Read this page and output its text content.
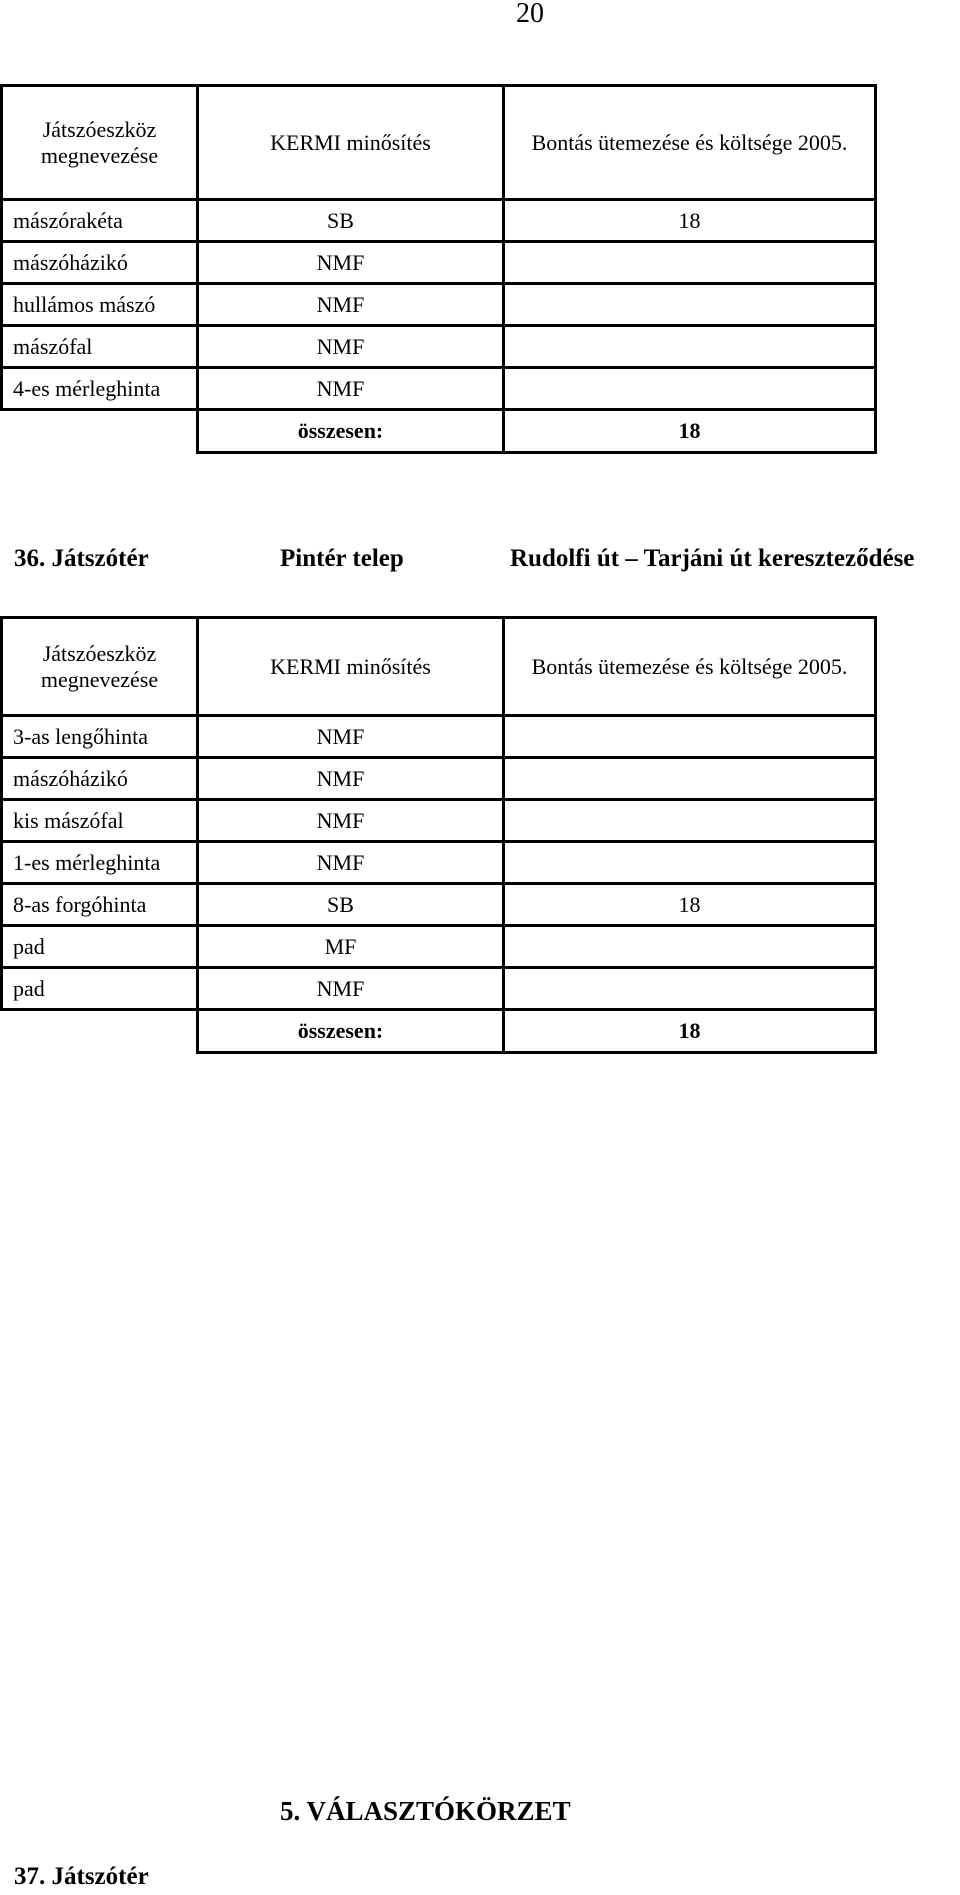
20
Játszóeszköz megnevezése	KERMI minősítés	Bontás ütemezése és költsége 2005.
mászórakéta	SB	18
mászóházikó	NMF	
hullámos mászó	NMF	
mászófal	NMF	
4-es mérleghinta	NMF	
	összesen:	18
36. Játszótér	Pintér telep	Rudolfi út – Tarjáni út kereszteződése
Játszóeszköz megnevezése	KERMI minősítés	Bontás ütemezése és költsége 2005.
3-as lengőhinta	NMF	
mászóházikó	NMF	
kis mászófal	NMF	
1-es mérleghinta	NMF	
8-as forgóhinta	SB	18
pad	MF	
pad	NMF	
	összesen:	18
5. VÁLASZTÓKÖRZET
37. Játszótér
